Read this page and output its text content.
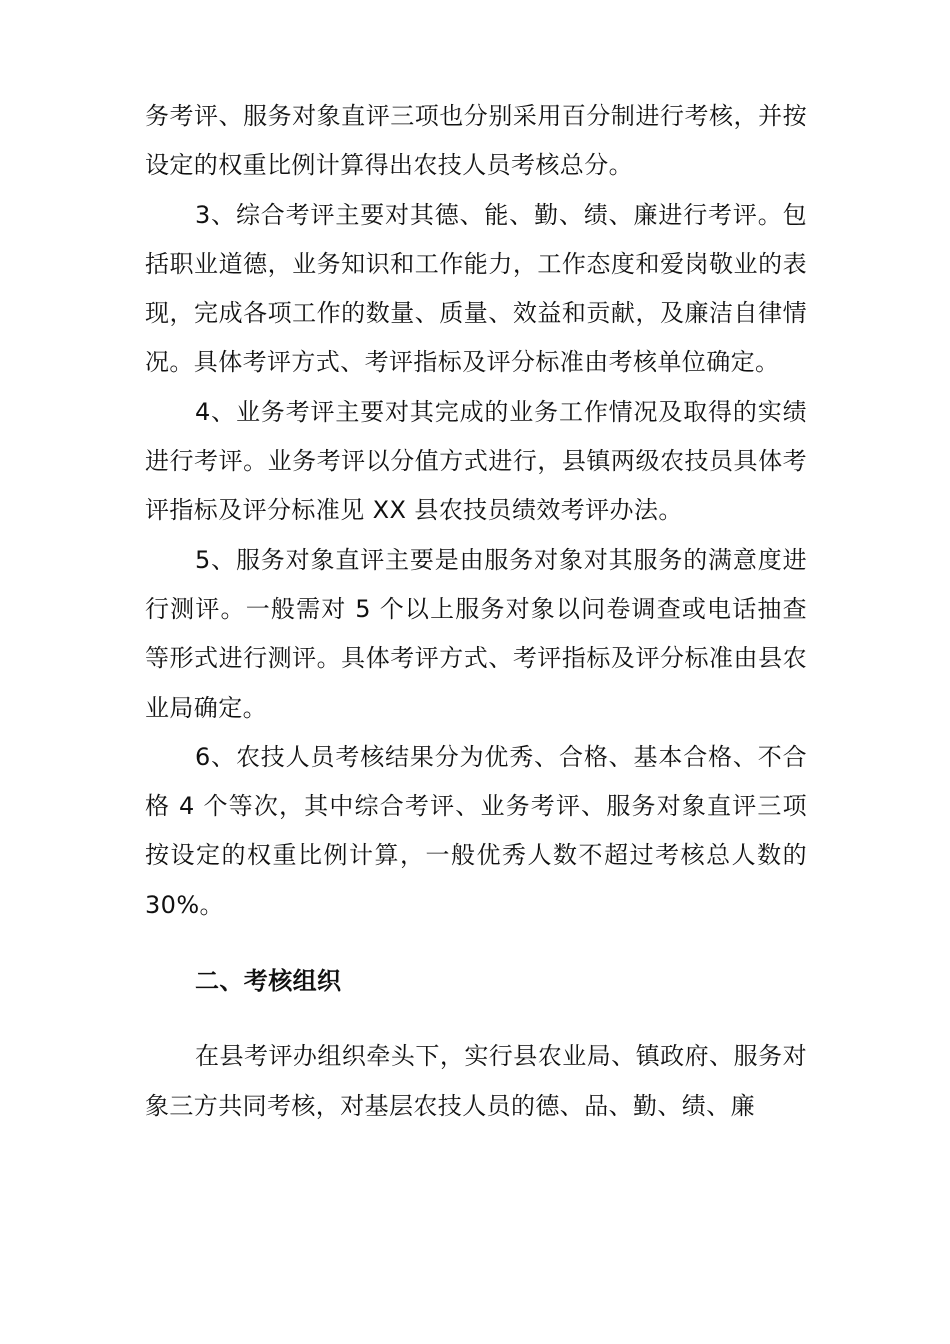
务考评、服务对象直评三项也分别采用百分制进行考核，并按设定的权重比例计算得出农技人员考核总分。

3、综合考评主要对其德、能、勤、绩、廉进行考评。包括职业道德，业务知识和工作能力，工作态度和爱岗敬业的表现，完成各项工作的数量、质量、效益和贡献，及廉洁自律情况。具体考评方式、考评指标及评分标准由考核单位确定。

4、业务考评主要对其完成的业务工作情况及取得的实绩进行考评。业务考评以分值方式进行，县镇两级农技员具体考评指标及评分标准见 XX 县农技员绩效考评办法。

5、服务对象直评主要是由服务对象对其服务的满意度进行测评。一般需对 5 个以上服务对象以问卷调查或电话抽查等形式进行测评。具体考评方式、考评指标及评分标准由县农业局确定。

6、农技人员考核结果分为优秀、合格、基本合格、不合格 4 个等次，其中综合考评、业务考评、服务对象直评三项按设定的权重比例计算，一般优秀人数不超过考核总人数的 30%。

二、考核组织

在县考评办组织牵头下，实行县农业局、镇政府、服务对象三方共同考核，对基层农技人员的德、品、勤、绩、廉
